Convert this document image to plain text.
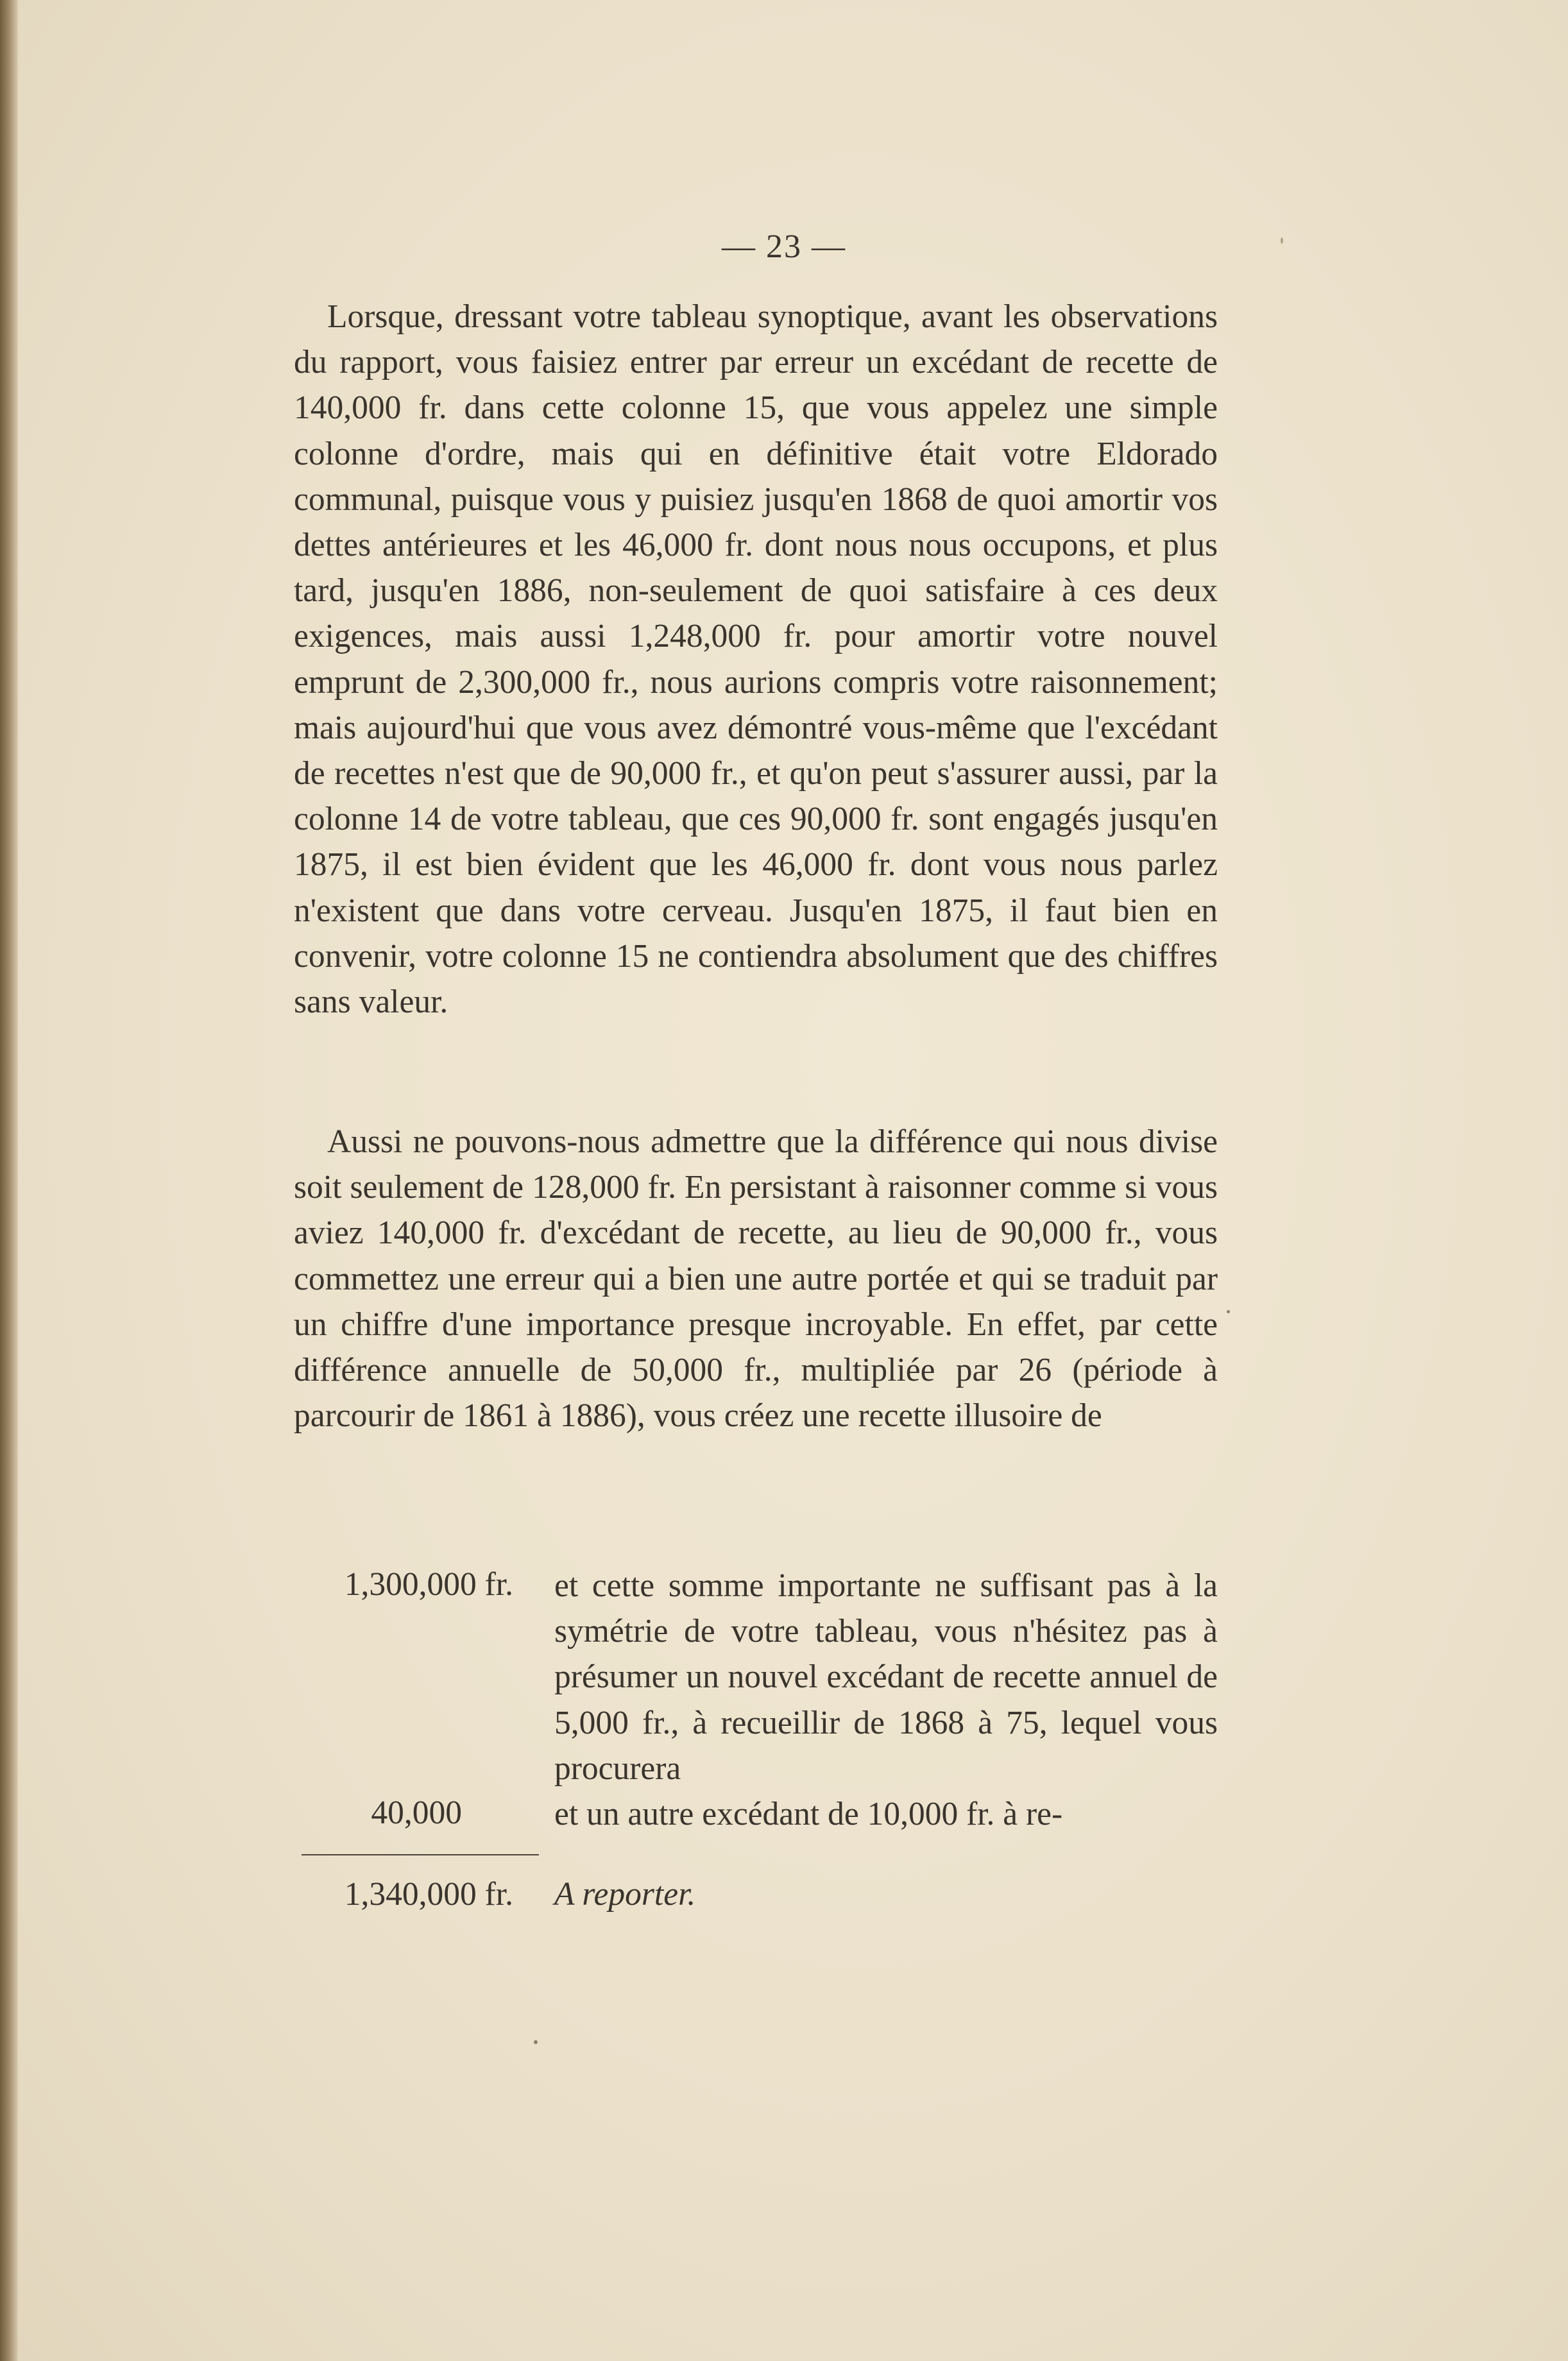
— 23 —

Lorsque, dressant votre tableau synoptique, avant les observations du rapport, vous faisiez entrer par erreur un excédant de recette de 140,000 fr. dans cette colonne 15, que vous appelez une simple colonne d'ordre, mais qui en définitive était votre Eldorado communal, puisque vous y puisiez jusqu'en 1868 de quoi amortir vos dettes antérieures et les 46,000 fr. dont nous nous occupons, et plus tard, jusqu'en 1886, non-seulement de quoi satisfaire à ces deux exigences, mais aussi 1,248,000 fr. pour amortir votre nouvel emprunt de 2,300,000 fr., nous aurions compris votre raisonnement; mais aujourd'hui que vous avez démontré vous-même que l'excédant de recettes n'est que de 90,000 fr., et qu'on peut s'assurer aussi, par la colonne 14 de votre tableau, que ces 90,000 fr. sont engagés jusqu'en 1875, il est bien évident que les 46,000 fr. dont vous nous parlez n'existent que dans votre cerveau. Jusqu'en 1875, il faut bien en convenir, votre colonne 15 ne contiendra absolument que des chiffres sans valeur.

Aussi ne pouvons-nous admettre que la différence qui nous divise soit seulement de 128,000 fr. En persistant à raisonner comme si vous aviez 140,000 fr. d'excédant de recette, au lieu de 90,000 fr., vous commettez une erreur qui a bien une autre portée et qui se traduit par un chiffre d'une importance presque incroyable. En effet, par cette différence annuelle de 50,000 fr., multipliée par 26 (période à parcourir de 1861 à 1886), vous créez une recette illusoire de

1,300,000 fr. et cette somme importante ne suffisant pas à la symétrie de votre tableau, vous n'hésitez pas à présumer un nouvel excédant de recette annuel de 5,000 fr., à recueillir de 1868 à 75, lequel vous procurera

40,000	et un autre excédant de 10,000 fr. à re-

1,340,000 fr. A reporter.
